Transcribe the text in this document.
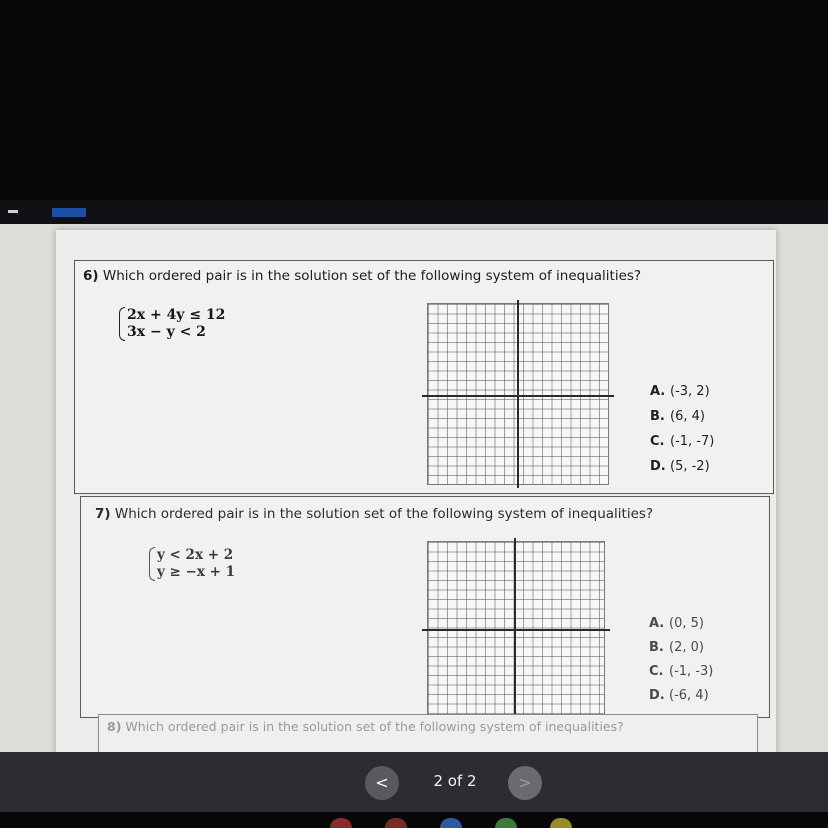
6) Which ordered pair is in the solution set of the following system of inequalities?
2x + 4y ≤ 12
3x − y < 2
A. (-3, 2)
B. (6, 4)
C. (-1, -7)
D. (5, -2)
7) Which ordered pair is in the solution set of the following system of inequalities?
y < 2x + 2
y ≥ −x + 1
A. (0, 5)
B. (2, 0)
C. (-1, -3)
D. (-6, 4)
8) Which ordered pair is in the solution set of the following system of inequalities?
<	2 of 2	>
